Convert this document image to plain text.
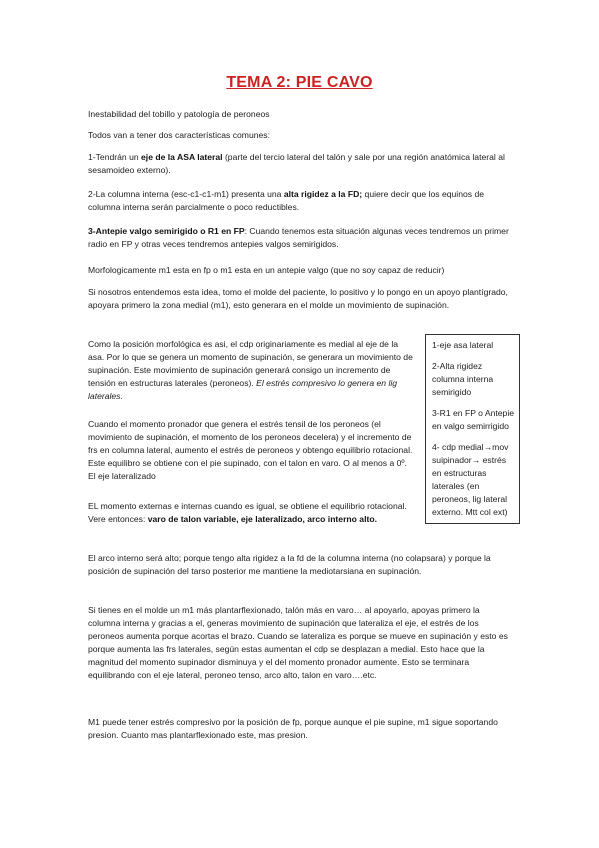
TEMA 2: PIE CAVO

Inestabilidad del tobillo y patología de peroneos

Todos van a tener dos características comunes:

1-Tendrán un eje de la ASA lateral (parte del tercio lateral del talón y sale por una región anatómica lateral al sesamoideo externo).

2-La columna interna (esc-c1-c1-m1) presenta una alta rigidez a la FD; quiere decir que los equinos de columna interna serán parcialmente o poco reductibles.

3-Antepie valgo semirigido o R1 en FP: Cuando tenemos esta situación algunas veces tendremos un primer radio en FP y otras veces tendremos antepies valgos semirigidos.

Morfologicamente m1 esta en fp o m1 esta en un antepie valgo (que no soy capaz de reducir)

Si nosotros entendemos esta idea, tomo el molde del paciente, lo positivo y lo pongo en un apoyo plantígrado, apoyara primero la zona medial (m1), esto generara en el molde un movimiento de supinación.

Como la posición morfológica es asi, el cdp originariamente es medial al eje de la asa. Por lo que se genera un momento de supinación, se generara un movimiento de supinación. Este movimiento de supinación generará consigo un incremento de tensión en estructuras laterales (peroneos). El estrés compresivo lo genera en lig laterales.

Cuando el momento pronador que genera el estrés tensil de los peroneos (el movimiento de supinación, el momento de los peroneos decelera) y el incremento de frs en columna lateral, aumento el estrés de peroneos y obtengo equilibrio rotacional. Este equilibro se obtiene con el pie supinado, con el talon en varo. O al menos a 0º. El eje lateralizado

EL momento externas e internas cuando es igual, se obtiene el equilibrio rotacional. Vere entonces: varo de talon variable, eje lateralizado, arco interno alto.

El arco interno será alto; porque tengo alta rigidez a la fd de la columna interna (no colapsara) y porque la posición de supinación del tarso posterior me mantiene la mediotarsiana en supinación.

Si tienes en el molde un m1 más plantarflexionado, talón más en varo… al apoyarlo, apoyas primero la columna interna y gracias a el, generas movimiento de supinación que lateraliza el eje, el estrés de los peroneos aumenta porque acortas el brazo. Cuando se lateraliza es porque se mueve en supinación y esto es porque aumenta las frs laterales, según estas aumentan el cdp se desplazan a medial. Esto hace que la magnitud del momento supinador disminuya y el del momento pronador aumente. Esto se terminara equilibrando con el eje lateral, peroneo tenso, arco alto, talon en varo….etc.

M1 puede tener estrés compresivo por la posición de fp, porque aunque el pie supine, m1 sigue soportando presion. Cuanto mas plantarflexionado este, mas presion.

1-eje asa lateral

2-Alta rigidez columna interna semirigido

3-R1 en FP o Antepie en valgo semirrigido

4- cdp medial→mov suipinador→ estrés en estructuras laterales (en peroneos, lig lateral externo. Mtt col ext)
